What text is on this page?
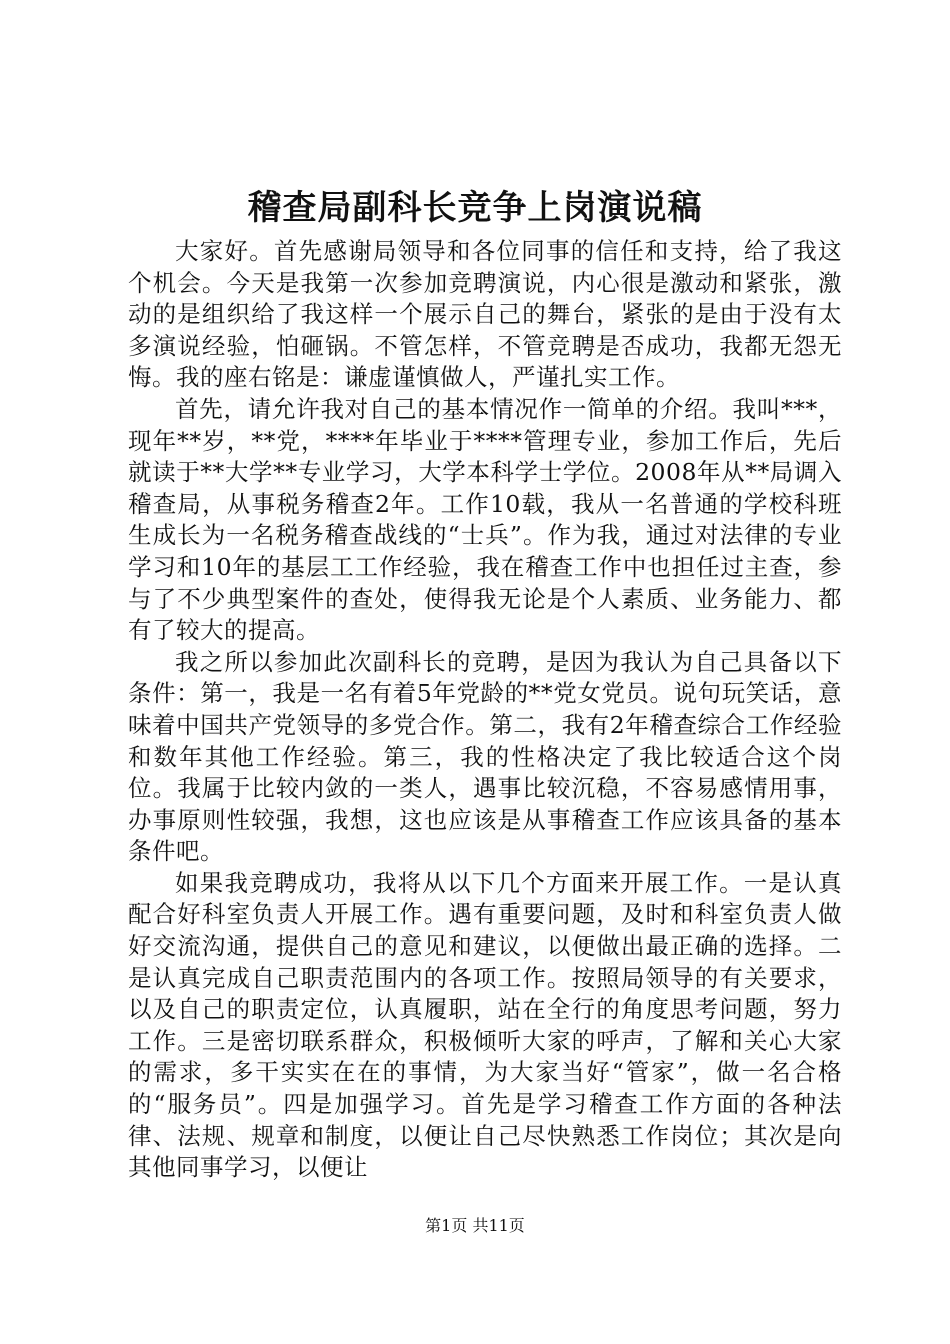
稽查局副科长竞争上岗演说稿

大家好。首先感谢局领导和各位同事的信任和支持，给了我这个机会。今天是我第一次参加竞聘演说，内心很是激动和紧张，激动的是组织给了我这样一个展示自己的舞台，紧张的是由于没有太多演说经验，怕砸锅。不管怎样，不管竞聘是否成功，我都无怨无悔。我的座右铭是：谦虚谨慎做人，严谨扎实工作。

首先，请允许我对自己的基本情况作一简单的介绍。我叫***，现年**岁，**党，****年毕业于****管理专业，参加工作后，先后就读于**大学**专业学习，大学本科学士学位。2008年从**局调入稽查局，从事税务稽查2年。工作10载，我从一名普通的学校科班生成长为一名税务稽查战线的“士兵”。作为我，通过对法律的专业学习和10年的基层工工作经验，我在稽查工作中也担任过主查，参与了不少典型案件的查处，使得我无论是个人素质、业务能力、都有了较大的提高。

我之所以参加此次副科长的竞聘，是因为我认为自己具备以下条件：第一，我是一名有着5年党龄的**党女党员。说句玩笑话，意味着中国共产党领导的多党合作。第二，我有2年稽查综合工作经验和数年其他工作经验。第三，我的性格决定了我比较适合这个岗位。我属于比较内敛的一类人，遇事比较沉稳，不容易感情用事，办事原则性较强，我想，这也应该是从事稽查工作应该具备的基本条件吧。

如果我竞聘成功，我将从以下几个方面来开展工作。一是认真配合好科室负责人开展工作。遇有重要问题，及时和科室负责人做好交流沟通，提供自己的意见和建议，以便做出最正确的选择。二是认真完成自己职责范围内的各项工作。按照局领导的有关要求，以及自己的职责定位，认真履职，站在全行的角度思考问题，努力工作。三是密切联系群众，积极倾听大家的呼声，了解和关心大家的需求，多干实实在在的事情，为大家当好“管家”，做一名合格的“服务员”。四是加强学习。首先是学习稽查工作方面的各种法律、法规、规章和制度，以便让自己尽快熟悉工作岗位；其次是向其他同事学习，以便让

第1页 共11页
